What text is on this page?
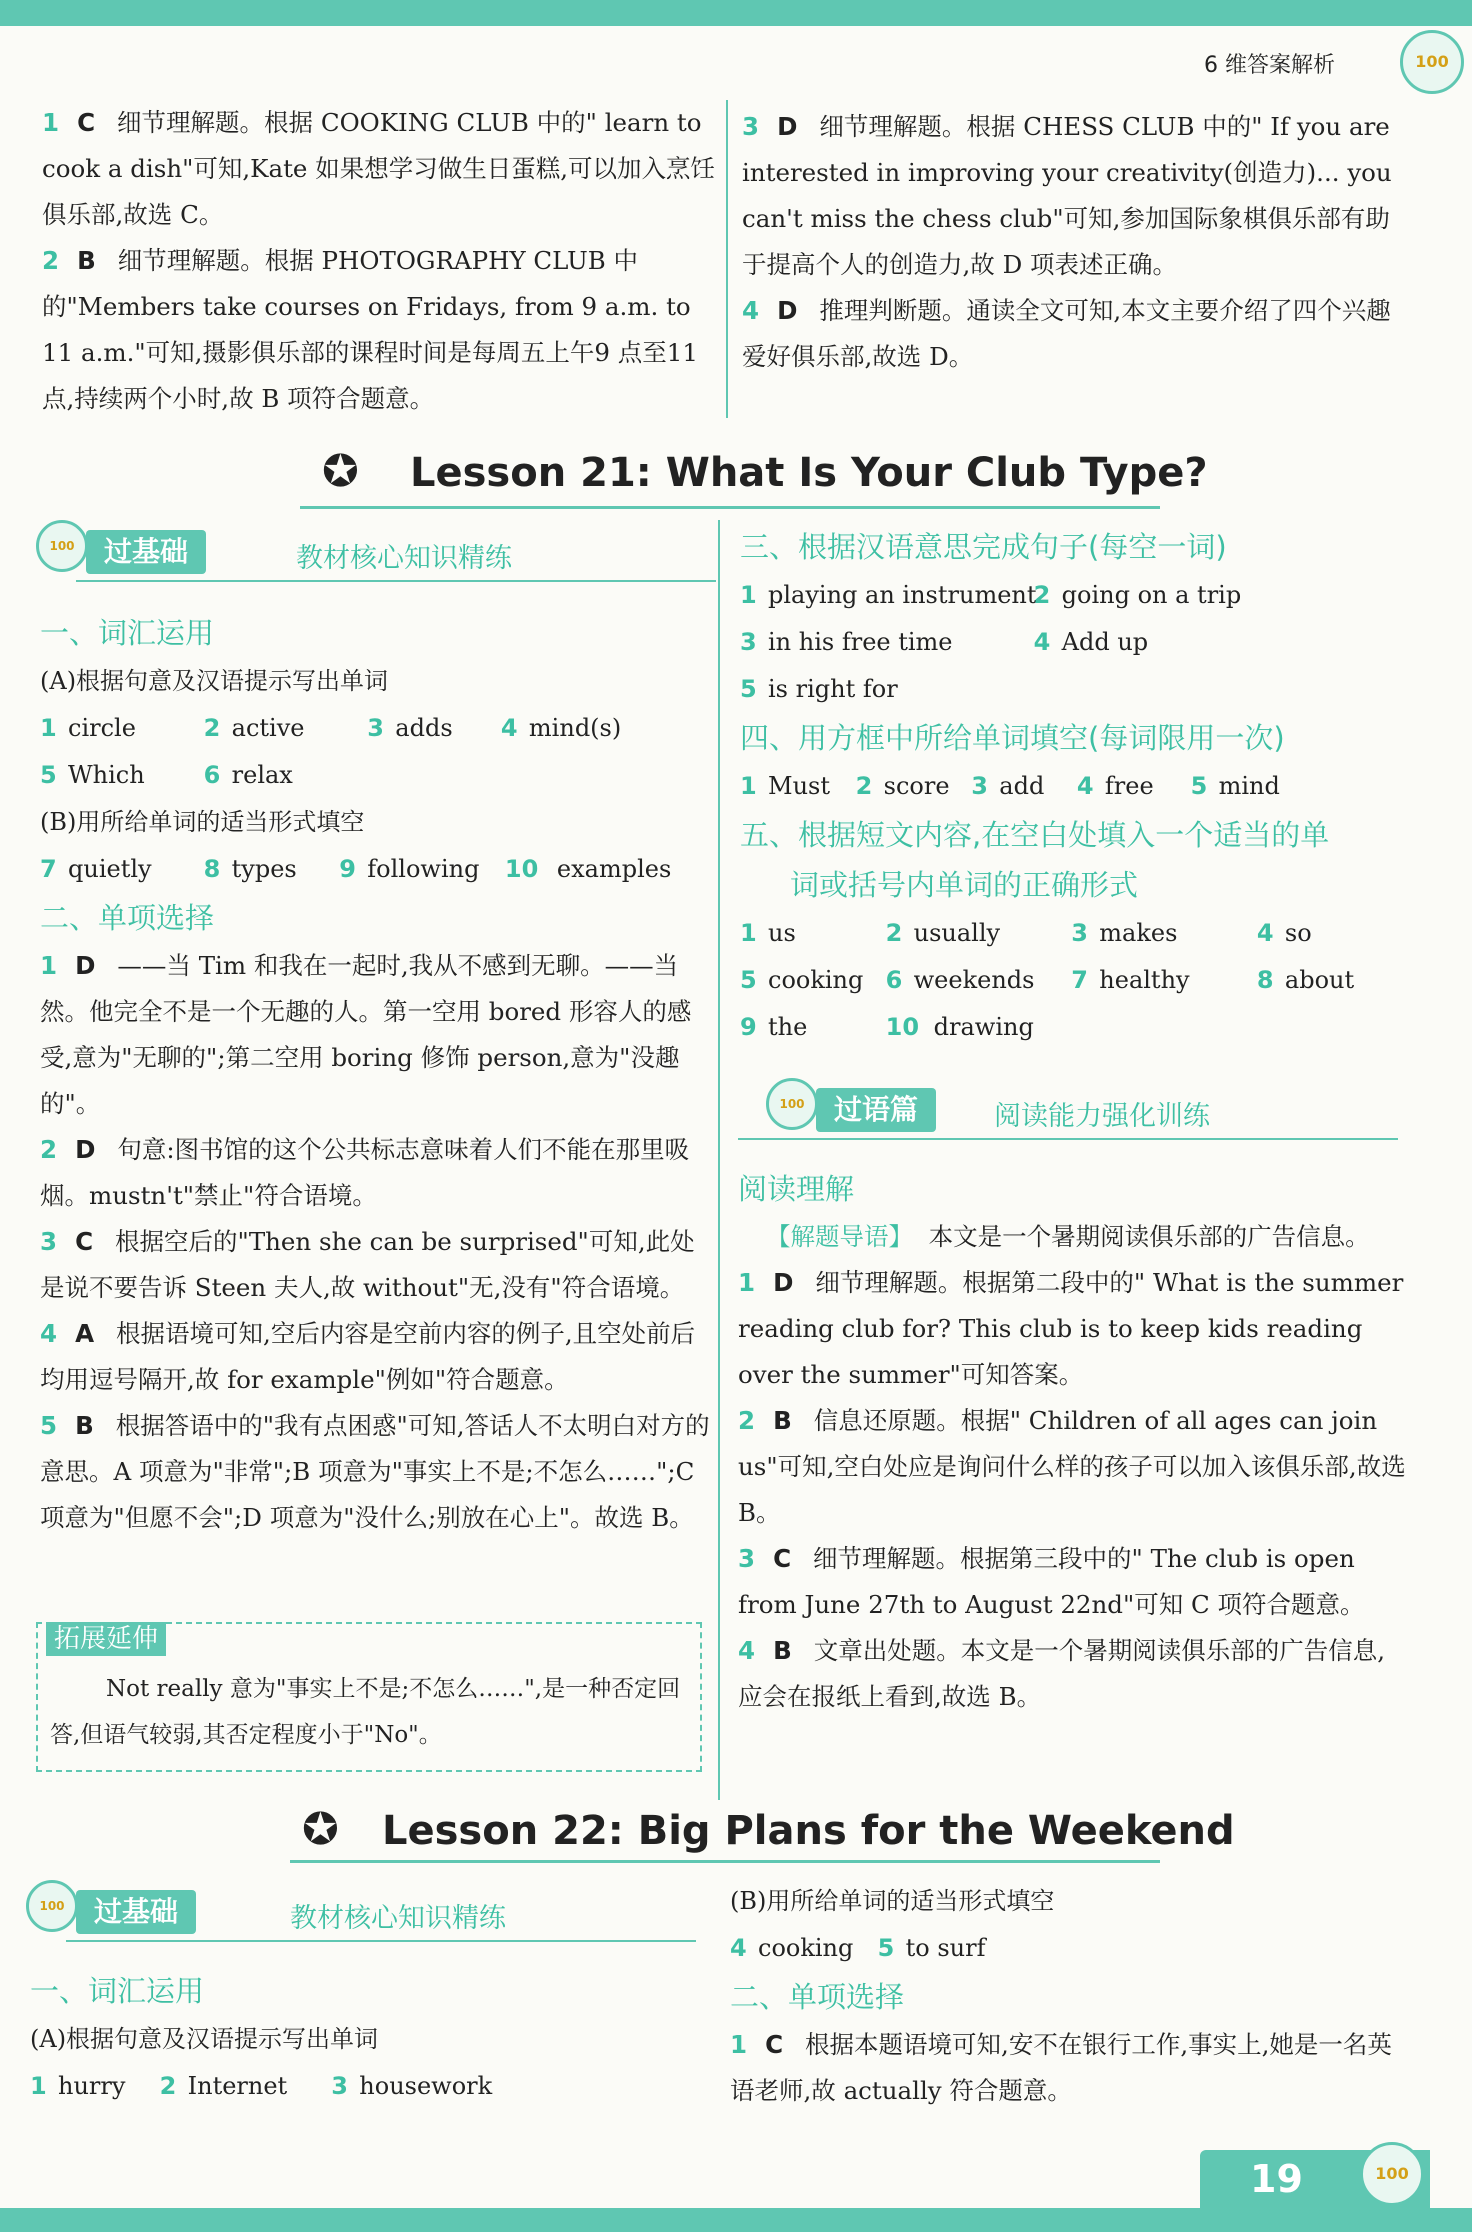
6 维答案解析	100
1 C 细节理解题。根据 COOKING CLUB 中的" learn to cook a dish"可知,Kate 如果想学习做生日蛋糕,可以加入烹饪俱乐部,故选 C。
2 B 细节理解题。根据 PHOTOGRAPHY CLUB 中的"Members take courses on Fridays, from 9 a.m. to 11 a.m."可知,摄影俱乐部的课程时间是每周五上午9 点至11 点,持续两个小时,故 B 项符合题意。
3 D 细节理解题。根据 CHESS CLUB 中的" If you are interested in improving your creativity(创造力)... you can't miss the chess club"可知,参加国际象棋俱乐部有助于提高个人的创造力,故 D 项表述正确。
4 D 推理判断题。通读全文可知,本文主要介绍了四个兴趣爱好俱乐部,故选 D。
✪ Lesson 21: What Is Your Club Type?
100	过基础	教材核心知识精练

一、词汇运用

(A)根据句意及汉语提示写出单词

1 circle	2 active	3 adds 4 mind(s)

5 Which 6 relax

(B)用所给单词的适当形式填空

7 quietly 8 types 9 following 10 examples

二、单项选择

1 D ——当 Tim 和我在一起时,我从不感到无聊。——当然。他完全不是一个无趣的人。第一空用 bored 形容人的感受,意为"无聊的";第二空用 boring 修饰 person,意为"没趣的"。
2 D 句意:图书馆的这个公共标志意味着人们不能在那里吸烟。mustn't"禁止"符合语境。
3 C 根据空后的"Then she can be surprised"可知,此处是说不要告诉 Steen 夫人,故 without"无,没有"符合语境。
4 A 根据语境可知,空后内容是空前内容的例子,且空处前后均用逗号隔开,故 for example"例如"符合题意。
5 B 根据答语中的"我有点困惑"可知,答话人不太明白对方的意思。A 项意为"非常";B 项意为"事实上不是;不怎么……";C 项意为"但愿不会";D 项意为"没什么;别放在心上"。故选 B。
拓展延伸
Not really 意为"事实上不是;不怎么……",是一种否定回答,但语气较弱,其否定程度小于"No"。

三、根据汉语意思完成句子(每空一词)

1 playing an instrument 2 going on a trip

3 in his free time	4 Add up

5 is right for

四、用方框中所给单词填空(每词限用一次)

1 Must 2 score 3 add 4 free 5 mind

五、根据短文内容,在空白处填入一个适当的单

词或括号内单词的正确形式

1 us	2 usually	3 makes	4 so

5 cooking 6 weekends 7 healthy	8 about

9 the	10 drawing

100	过语篇	阅读能力强化训练

阅读理解

【解题导语】 本文是一个暑期阅读俱乐部的广告信息。
1 D 细节理解题。根据第二段中的" What is the summer reading club for? This club is to keep kids reading over the summer"可知答案。
2 B 信息还原题。根据" Children of all ages can join us"可知,空白处应是询问什么样的孩子可以加入该俱乐部,故选 B。
3 C 细节理解题。根据第三段中的" The club is open from June 27th to August 22nd"可知 C 项符合题意。
4 B 文章出处题。本文是一个暑期阅读俱乐部的广告信息,应会在报纸上看到,故选 B。
✪ Lesson 22: Big Plans for the Weekend
100	过基础	教材核心知识精练

一、词汇运用

(A)根据句意及汉语提示写出单词

1 hurry 2 Internet 3 housework

(B)用所给单词的适当形式填空

4 cooking 5 to surf

二、单项选择

1 C 根据本题语境可知,安不在银行工作,事实上,她是一名英语老师,故 actually 符合题意。
19	100
